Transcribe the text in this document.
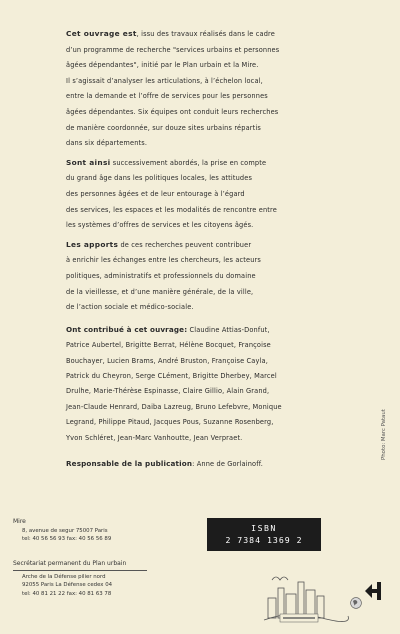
Cet ouvrage est, issu des travaux réalisés dans le cadre
d’un programme de recherche "services urbains et personnes
âgées dépendantes", initié par le Plan urbain et la Mire.
Il s’agissait d’analyser les articulations, à l’échelon local,
entre la demande et l’offre de services pour les personnes
âgées dépendantes. Six équipes ont conduit leurs recherches
de manière coordonnée, sur douze sites urbains répartis
dans six départements.
Sont ainsi successivement abordés, la prise en compte
du grand âge dans les politiques locales, les attitudes
des personnes âgées et de leur entourage à l’égard
des services, les espaces et les modalités de rencontre entre
les systèmes d’offres de services et les citoyens âgés.
Les apports de ces recherches peuvent contribuer
à enrichir les échanges entre les chercheurs, les acteurs
politiques, administratifs et professionnels du domaine
de la vieillesse, et d’une manière générale, de la ville,
de l’action sociale et médico-sociale.
Ont contribué à cet ouvrage: Claudine Attias-Donfut,
Patrice Aubertel, Brigitte Berrat, Hélène Bocquet, Françoise
Bouchayer, Lucien Brams, André Bruston, Françoise Cayla,
Patrick du Cheyron, Serge CLément, Brigitte Dherbey, Marcel
Drulhe, Marie-Thérèse Espinasse, Claire Gillio, Alain Grand,
Jean-Claude Henrard, Daiba Lazreug, Bruno Lefebvre, Monique
Legrand, Philippe Pitaud, Jacques Pous, Suzanne Rosenberg,
Yvon Schléret, Jean-Marc Vanhoutte, Jean Verpraet.
Responsable de la publication: Anne de Gorlainoff.
Mire
8, avenue de segur 75007 Paris
tel: 40 56 56 93 fax: 40 56 56 89
Secrétariat permanent du Plan urbain
Arche de la Défense pilier nord
92055 Paris La Défense cedex 04
tel: 40 81 21 22 fax: 40 81 63 78
ISBN
2 7384 1369 2
Photo: Marc Pataut
